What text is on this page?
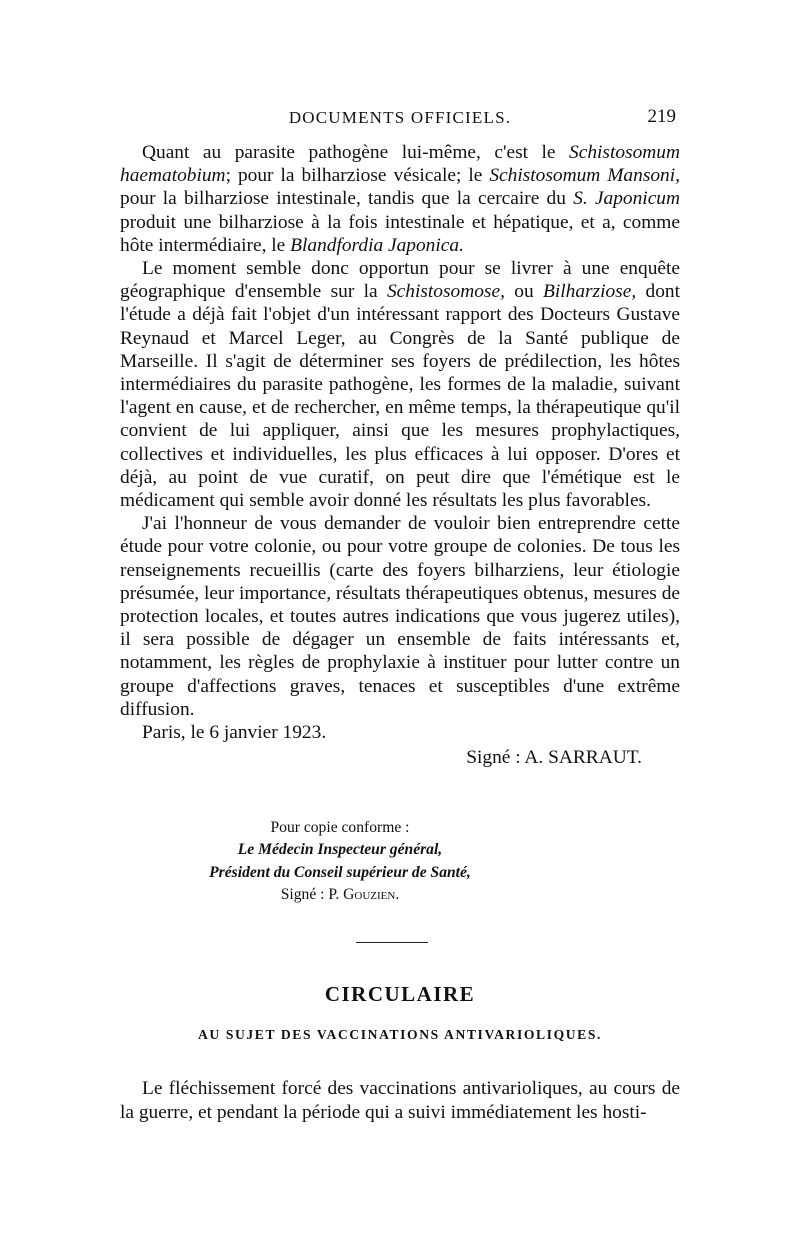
DOCUMENTS OFFICIELS.	219

Quant au parasite pathogène lui-même, c'est le Schistosomum haematobium; pour la bilharziose vésicale; le Schistosomum Mansoni, pour la bilharziose intestinale, tandis que la cercaire du S. Japonicum produit une bilharziose à la fois intestinale et hépatique, et a, comme hôte intermédiaire, le Blandfordia Japonica.

Le moment semble donc opportun pour se livrer à une enquête géographique d'ensemble sur la Schistosomose, ou Bilharziose, dont l'étude a déjà fait l'objet d'un intéressant rapport des Docteurs Gustave Reynaud et Marcel Leger, au Congrès de la Santé publique de Marseille. Il s'agit de déterminer ses foyers de prédilection, les hôtes intermédiaires du parasite pathogène, les formes de la maladie, suivant l'agent en cause, et de rechercher, en même temps, la thérapeutique qu'il convient de lui appliquer, ainsi que les mesures prophylactiques, collectives et individuelles, les plus efficaces à lui opposer. D'ores et déjà, au point de vue curatif, on peut dire que l'émétique est le médicament qui semble avoir donné les résultats les plus favorables.

J'ai l'honneur de vous demander de vouloir bien entreprendre cette étude pour votre colonie, ou pour votre groupe de colonies. De tous les renseignements recueillis (carte des foyers bilharziens, leur étiologie présumée, leur importance, résultats thérapeutiques obtenus, mesures de protection locales, et toutes autres indications que vous jugerez utiles), il sera possible de dégager un ensemble de faits intéressants et, notamment, les règles de prophylaxie à instituer pour lutter contre un groupe d'affections graves, tenaces et susceptibles d'une extrême diffusion.

Paris, le 6 janvier 1923.
Signé : A. SARRAUT.
Pour copie conforme :
Le Médecin Inspecteur général,
Président du Conseil supérieur de Santé,
Signé : P. Gouzien.
CIRCULAIRE
AU SUJET DES VACCINATIONS ANTIVARIOLIQUES.

Le fléchissement forcé des vaccinations antivarioliques, au cours de la guerre, et pendant la période qui a suivi immédiatement les hosti-
